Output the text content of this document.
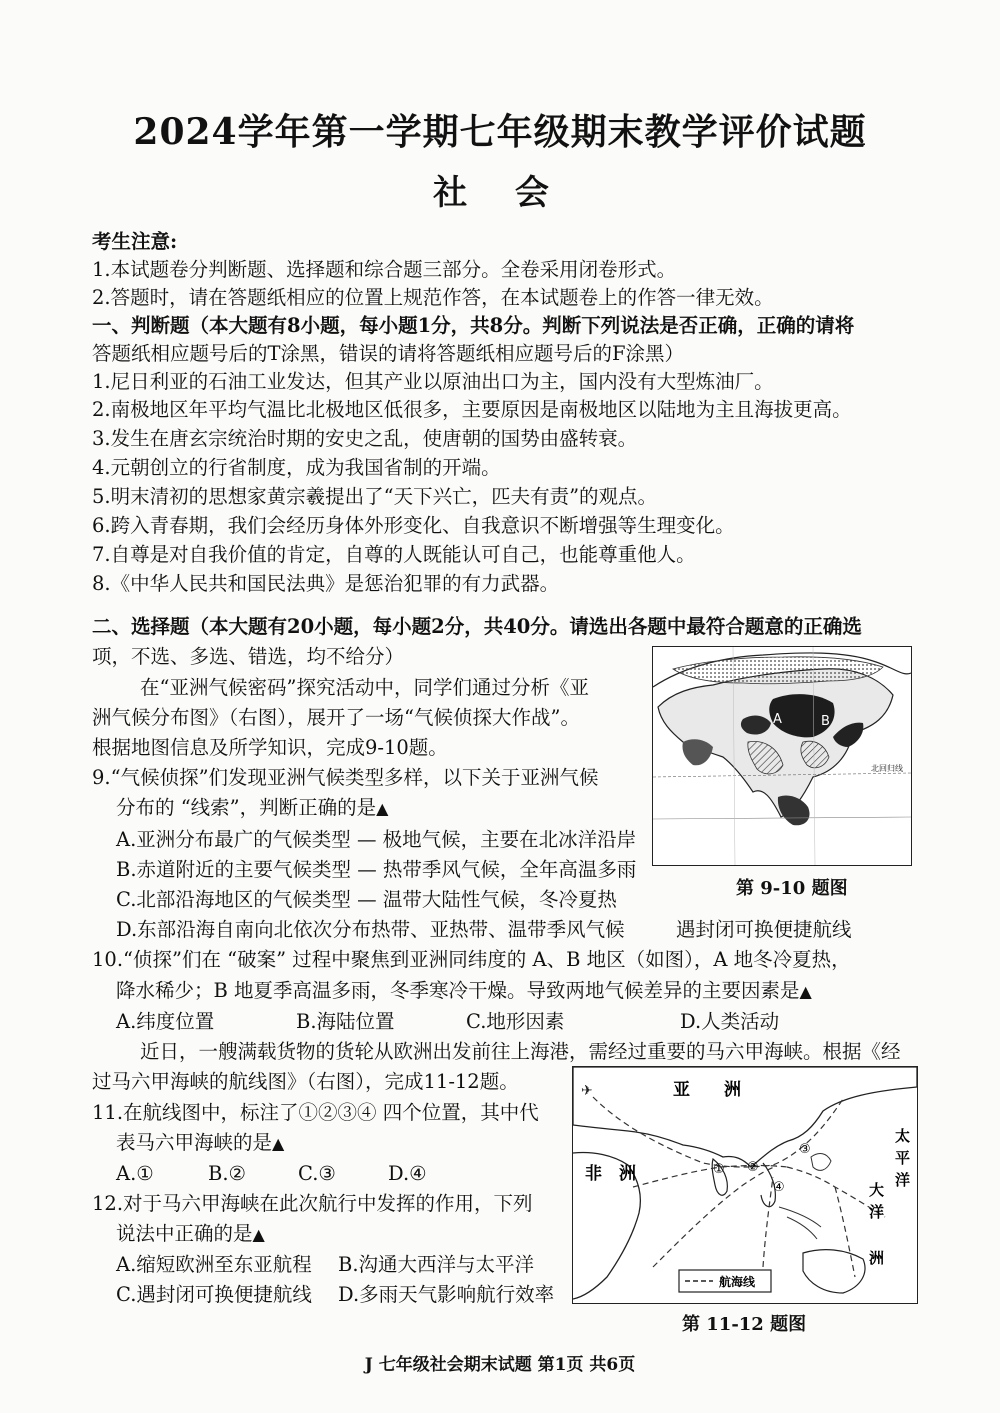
2024学年第一学期七年级期末教学评价试题
社 会
考生注意:
1.本试题卷分判断题、选择题和综合题三部分。全卷采用闭卷形式。
2.答题时，请在答题纸相应的位置上规范作答，在本试题卷上的作答一律无效。
一、判断题（本大题有8小题，每小题1分，共8分。判断下列说法是否正确，正确的请将
答题纸相应题号后的T涂黑，错误的请将答题纸相应题号后的F涂黑）
1.尼日利亚的石油工业发达，但其产业以原油出口为主，国内没有大型炼油厂。
2.南极地区年平均气温比北极地区低很多，主要原因是南极地区以陆地为主且海拔更高。
3.发生在唐玄宗统治时期的安史之乱，使唐朝的国势由盛转衰。
4.元朝创立的行省制度，成为我国省制的开端。
5.明末清初的思想家黄宗羲提出了“天下兴亡，匹夫有责”的观点。
6.跨入青春期，我们会经历身体外形变化、自我意识不断增强等生理变化。
7.自尊是对自我价值的肯定，自尊的人既能认可自己，也能尊重他人。
8.《中华人民共和国民法典》是惩治犯罪的有力武器。
二、选择题（本大题有20小题，每小题2分，共40分。请选出各题中最符合题意的正确选
项，不选、多选、错选，均不给分）
在“亚洲气候密码”探究活动中，同学们通过分析《亚
洲气候分布图》（右图），展开了一场“气候侦探大作战”。
根据地图信息及所学知识，完成9-10题。
9.“气候侦探”们发现亚洲气候类型多样，以下关于亚洲气候
分布的 “线索”，判断正确的是▲
A.亚洲分布最广的气候类型 — 极地气候，主要在北冰洋沿岸
B.赤道附近的主要气候类型 — 热带季风气候，全年高温多雨
C.北部沿海地区的气候类型 — 温带大陆性气候，冬冷夏热
D.东部沿海自南向北依次分布热带、亚热带、温带季风气候	遇封闭可换便捷航线
A	B
北回归线
第 9-10 题图
10.“侦探”们在 “破案” 过程中聚焦到亚洲同纬度的 A、B 地区（如图），A 地冬冷夏热，
降水稀少；B 地夏季高温多雨，冬季寒冷干燥。导致两地气候差异的主要因素是▲
A.纬度位置	B.海陆位置	C.地形因素	D.人类活动
近日，一艘满载货物的货轮从欧洲出发前往上海港，需经过重要的马六甲海峡。根据《经
过马六甲海峡的航线图》（右图），完成11-12题。
11.在航线图中，标注了①②③④ 四个位置，其中代
表马六甲海峡的是▲
A.①	B.②	C.③	D.④
12.对于马六甲海峡在此次航行中发挥的作用，下列
说法中正确的是▲
A.缩短欧洲至东亚航程 B.沟通大西洋与太平洋
C.遇封闭可换便捷航线 D.多雨天气影响航行效率
✈	亚　　洲
非　洲
太
平
洋
大
洋
洲
① ②
③
④
航海线
第 11-12 题图
J 七年级社会期末试题 第1页 共6页
